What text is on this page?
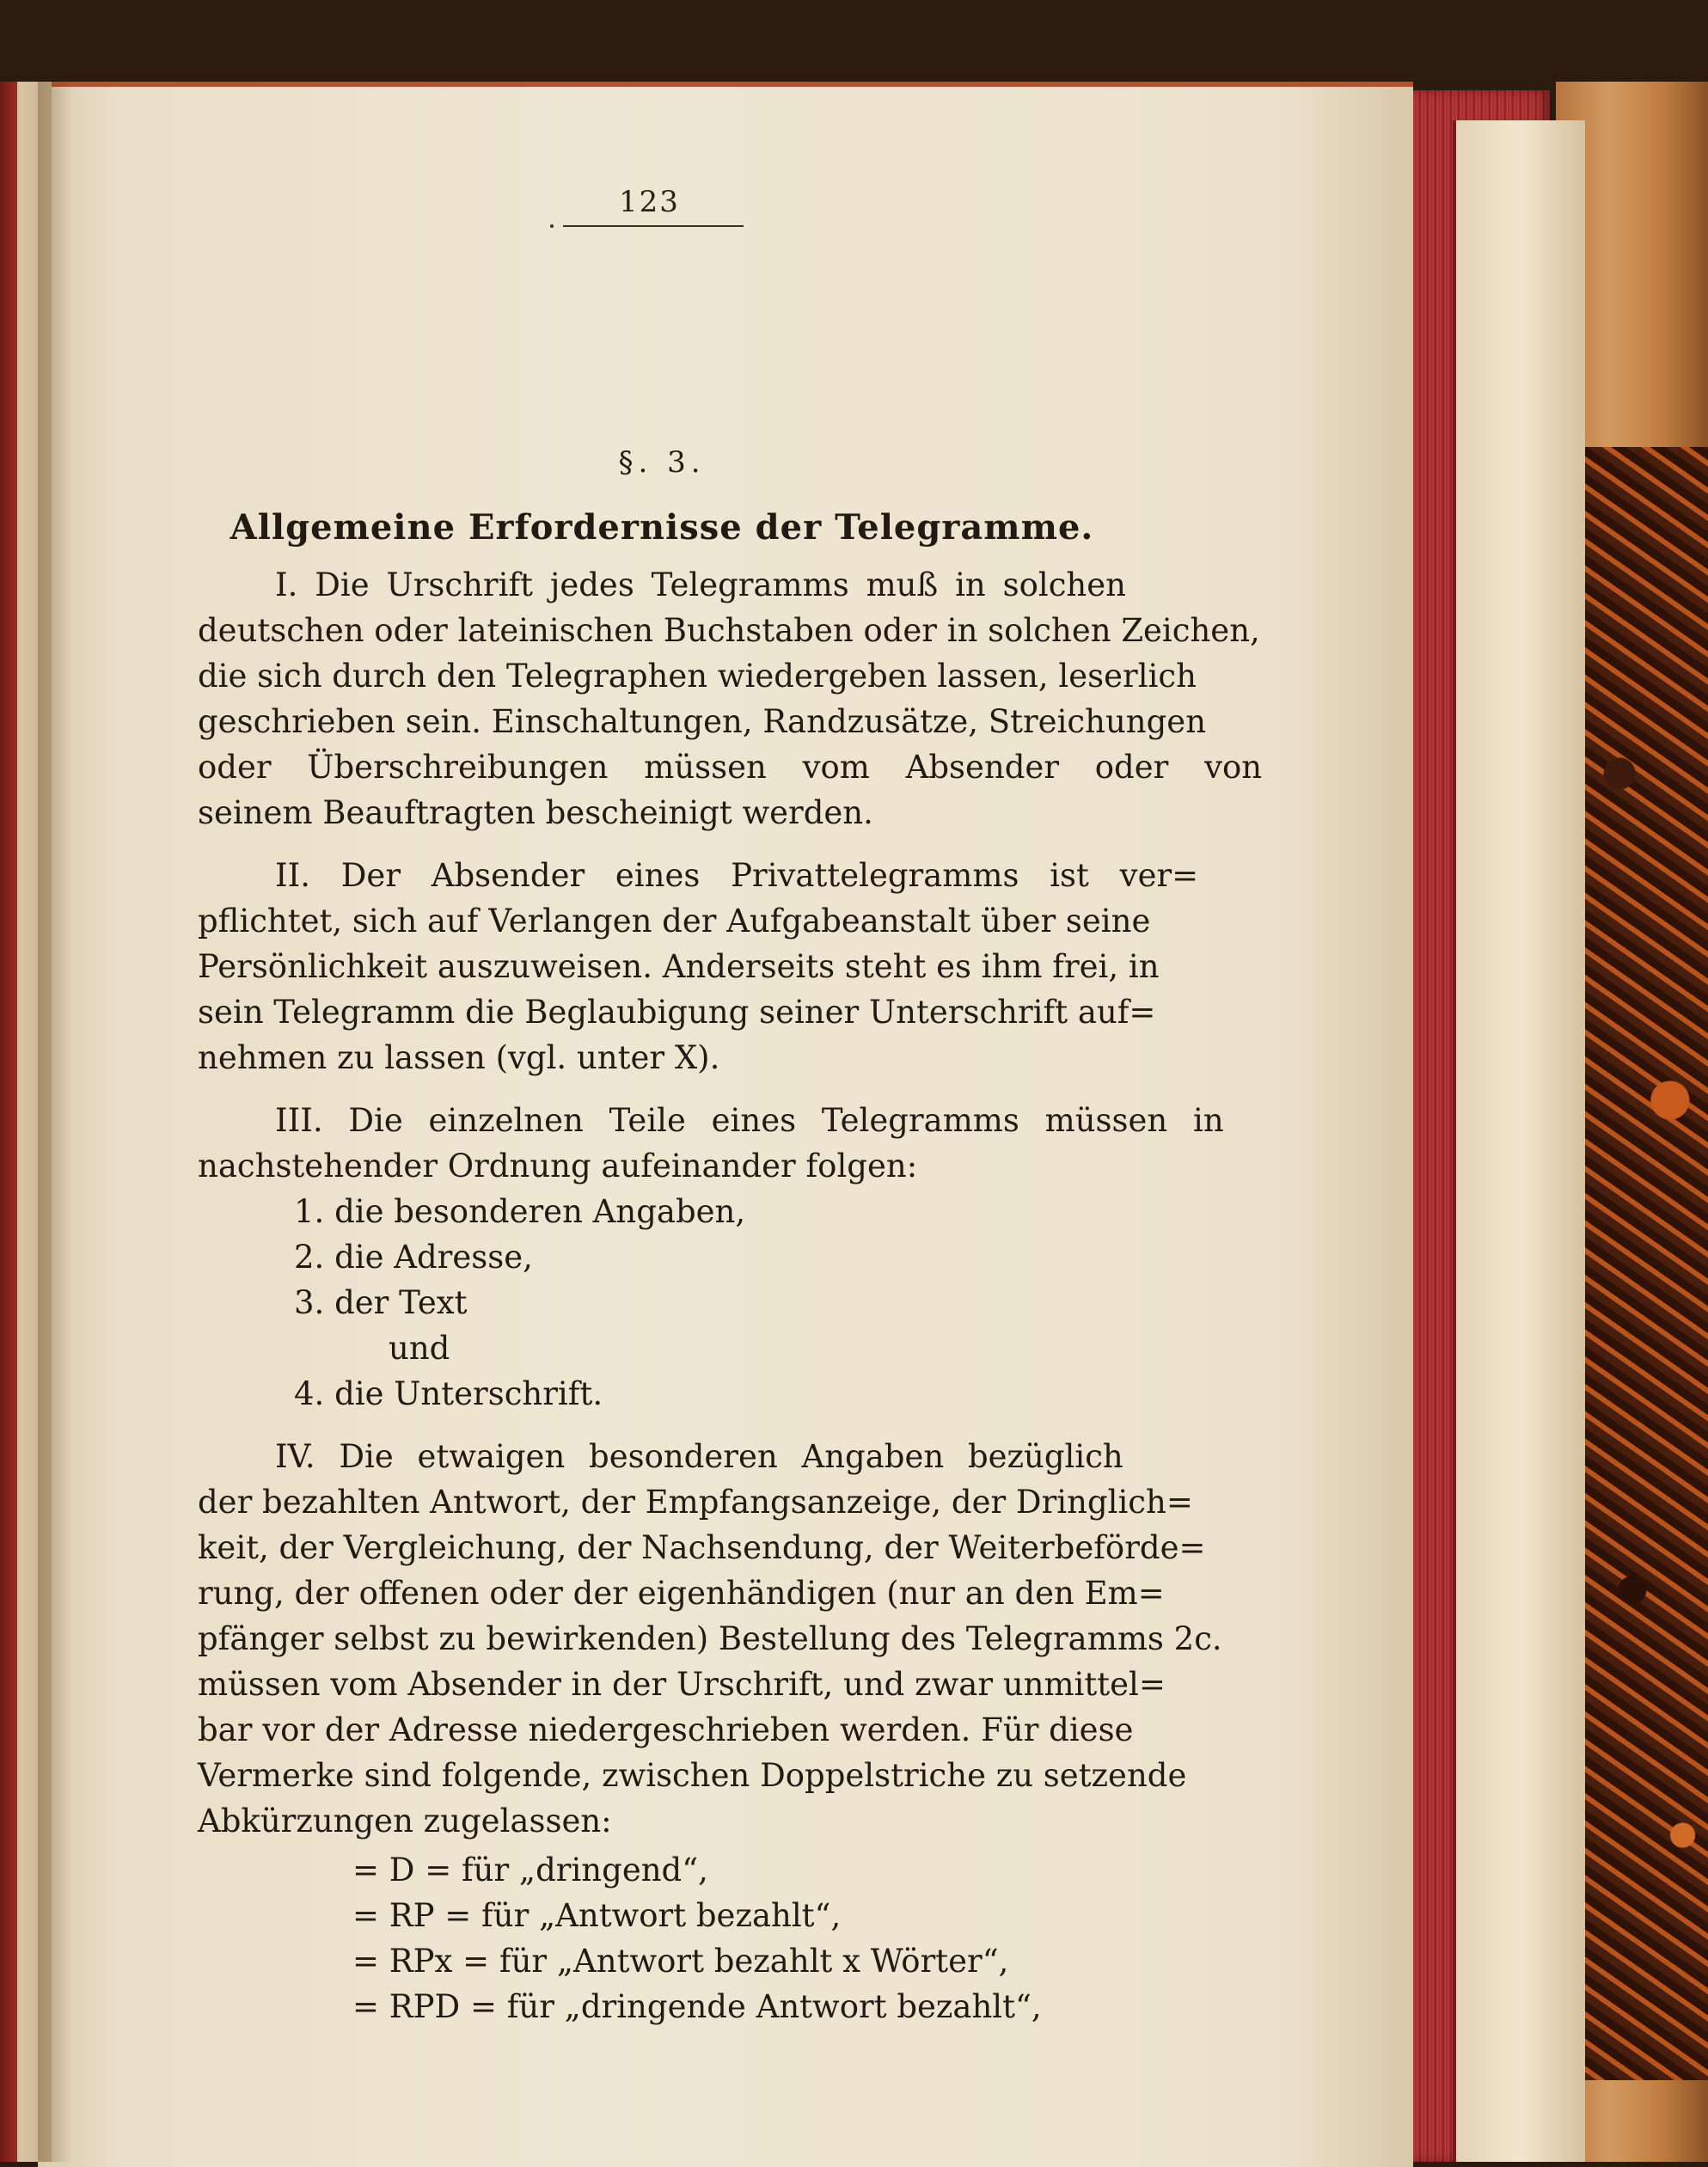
123
§. 3.
Allgemeine Erfordernisse der Telegramme.
I. Die Urschrift jedes Telegramms muß in solchen
deutschen oder lateinischen Buchstaben oder in solchen Zeichen,
die sich durch den Telegraphen wiedergeben lassen, leserlich
geschrieben sein. Einschaltungen, Randzusätze, Streichungen
oder Überschreibungen müssen vom Absender oder von
seinem Beauftragten bescheinigt werden.
II. Der Absender eines Privattelegramms ist ver=
pflichtet, sich auf Verlangen der Aufgabeanstalt über seine
Persönlichkeit auszuweisen. Anderseits steht es ihm frei, in
sein Telegramm die Beglaubigung seiner Unterschrift auf=
nehmen zu lassen (vgl. unter X).
III. Die einzelnen Teile eines Telegramms müssen in
nachstehender Ordnung aufeinander folgen:
1. die besonderen Angaben,
2. die Adresse,
3. der Text
und
4. die Unterschrift.
IV. Die etwaigen besonderen Angaben bezüglich
der bezahlten Antwort, der Empfangsanzeige, der Dringlich=
keit, der Vergleichung, der Nachsendung, der Weiterbeförde=
rung, der offenen oder der eigenhändigen (nur an den Em=
pfänger selbst zu bewirkenden) Bestellung des Telegramms 2c.
müssen vom Absender in der Urschrift, und zwar unmittel=
bar vor der Adresse niedergeschrieben werden. Für diese
Vermerke sind folgende, zwischen Doppelstriche zu setzende
Abkürzungen zugelassen:
= D = für „dringend“,
= RP = für „Antwort bezahlt“,
= RPx = für „Antwort bezahlt x Wörter“,
= RPD = für „dringende Antwort bezahlt“,
